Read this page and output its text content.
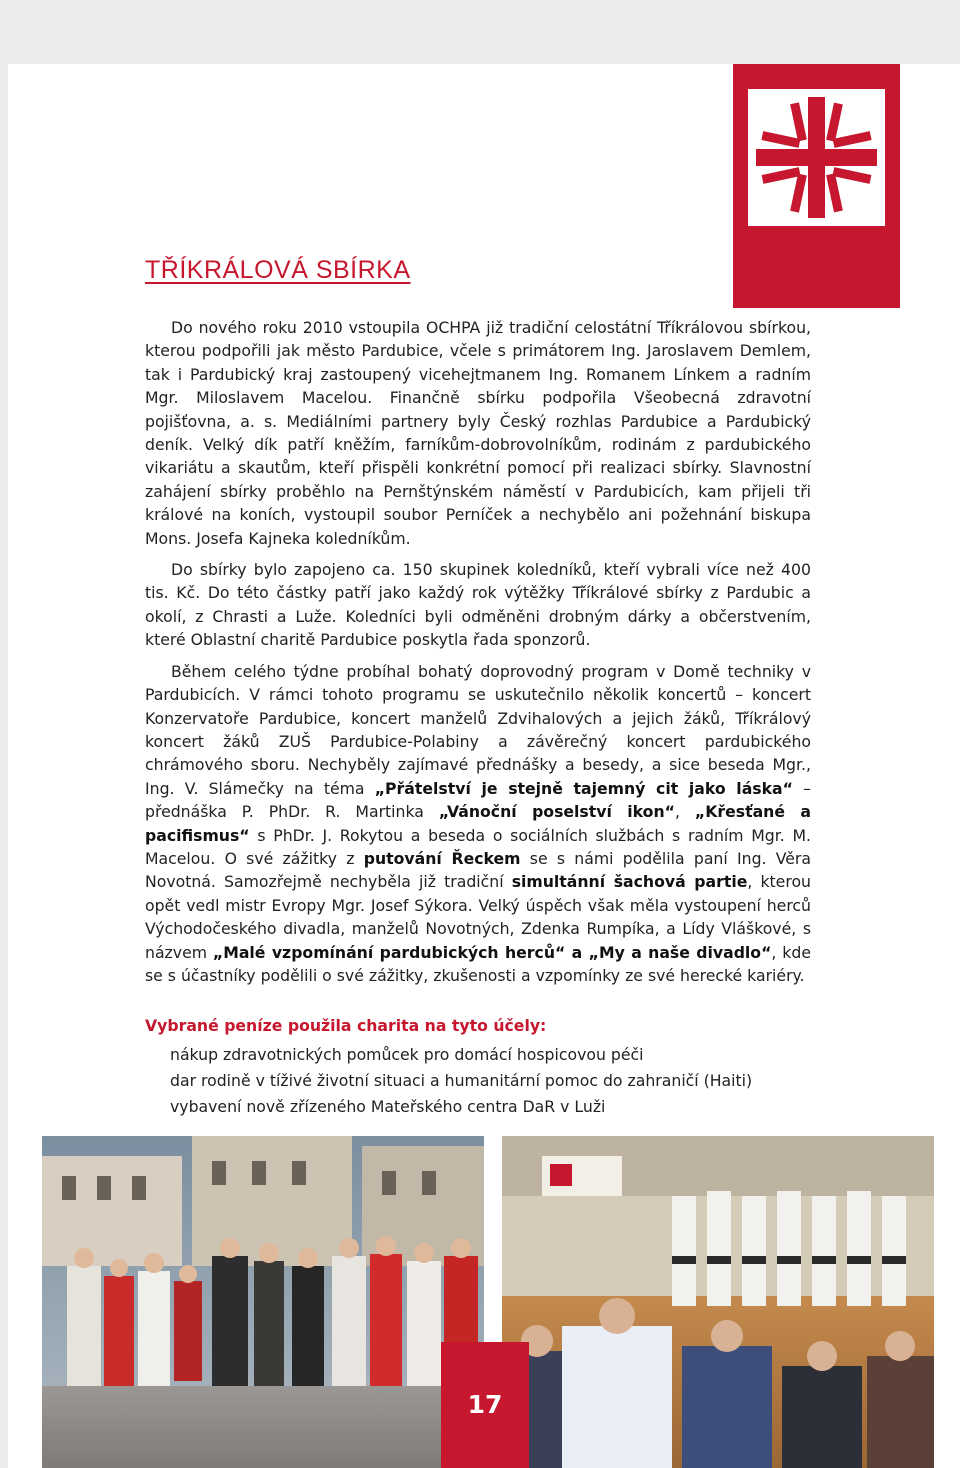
TŘÍKRÁLOVÁ SBÍRKA

Do nového roku 2010 vstoupila OCHPA již tradiční celostátní Tříkrálovou sbírkou, kterou podpořili jak město Pardubice, včele s primátorem Ing. Jaroslavem Demlem, tak i Pardubický kraj zastoupený vicehejtmanem Ing. Romanem Línkem a radním Mgr. Miloslavem Macelou. Finančně sbírku podpořila Všeobecná zdravotní pojišťovna, a. s. Mediálními partnery byly Český rozhlas Pardubice a Pardubický deník. Velký dík patří kněžím, farníkům-dobrovolníkům, rodinám z pardubického vikariátu a skautům, kteří přispěli konkrétní pomocí při realizaci sbírky. Slavnostní zahájení sbírky proběhlo na Pernštýnském náměstí v Pardubicích, kam přijeli tři králové na koních, vystoupil soubor Perníček a nechybělo ani požehnání biskupa Mons. Josefa Kajneka koledníkům.

Do sbírky bylo zapojeno ca. 150 skupinek koledníků, kteří vybrali více než 400 tis. Kč. Do této částky patří jako každý rok výtěžky Tříkrálové sbírky z Pardubic a okolí, z Chrasti a Luže. Koledníci byli odměněni drobným dárky a občerstvením, které Oblastní charitě Pardubice poskytla řada sponzorů.

Během celého týdne probíhal bohatý doprovodný program v Domě techniky v Pardubicích. V rámci tohoto programu se uskutečnilo několik koncertů – koncert Konzervatoře Pardubice, koncert manželů Zdvihalových a jejich žáků, Tříkrálový koncert žáků ZUŠ Pardubice-Polabiny a závěrečný koncert pardubického chrámového sboru. Nechyběly zajímavé přednášky a besedy, a sice beseda Mgr., Ing. V. Slámečky na téma „Přátelství je stejně tajemný cit jako láska“ – přednáška P. PhDr. R. Martinka „Vánoční poselství ikon“, „Křesťané a pacifismus“ s PhDr. J. Rokytou a beseda o sociálních službách s radním Mgr. M. Macelou. O své zážitky z putování Řeckem se s námi podělila paní Ing. Věra Novotná. Samozřejmě nechyběla již tradiční simultánní šachová partie, kterou opět vedl mistr Evropy Mgr. Josef Sýkora. Velký úspěch však měla vystoupení herců Východočeského divadla, manželů Novotných, Zdenka Rumpíka, a Lídy Vláškové, s názvem „Malé vzpomínání pardubických herců“ a „My a naše divadlo“, kde se s účastníky podělili o své zážitky, zkušenosti a vzpomínky ze své herecké kariéry.

Vybrané peníze použila charita na tyto účely:
nákup zdravotnických pomůcek pro domácí hospicovou péči
dar rodině v tíživé životní situaci a humanitární pomoc do zahraničí (Haiti)
vybavení nově zřízeného Mateřského centra DaR v Luži
17
